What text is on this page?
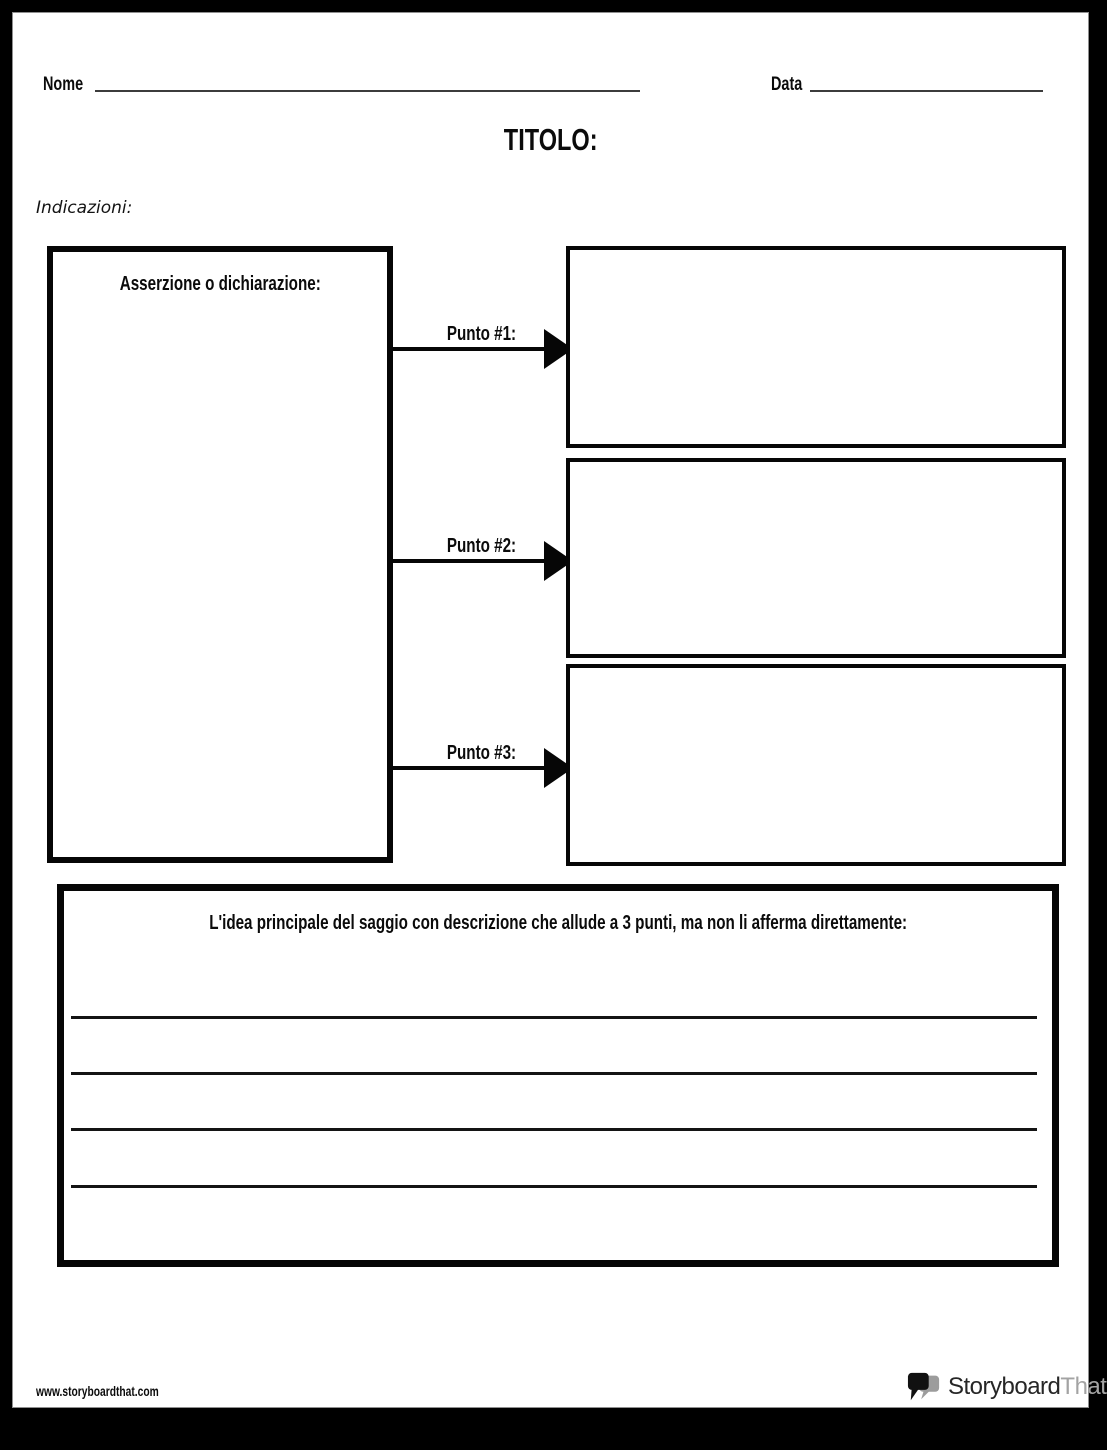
Nome	Data
TITOLO:
Indicazioni:
Asserzione o dichiarazione:
Punto #1:
Punto #2:
Punto #3:
L'idea principale del saggio con descrizione che allude a 3 punti, ma non li afferma direttamente:
www.storyboardthat.com	StoryboardThat
